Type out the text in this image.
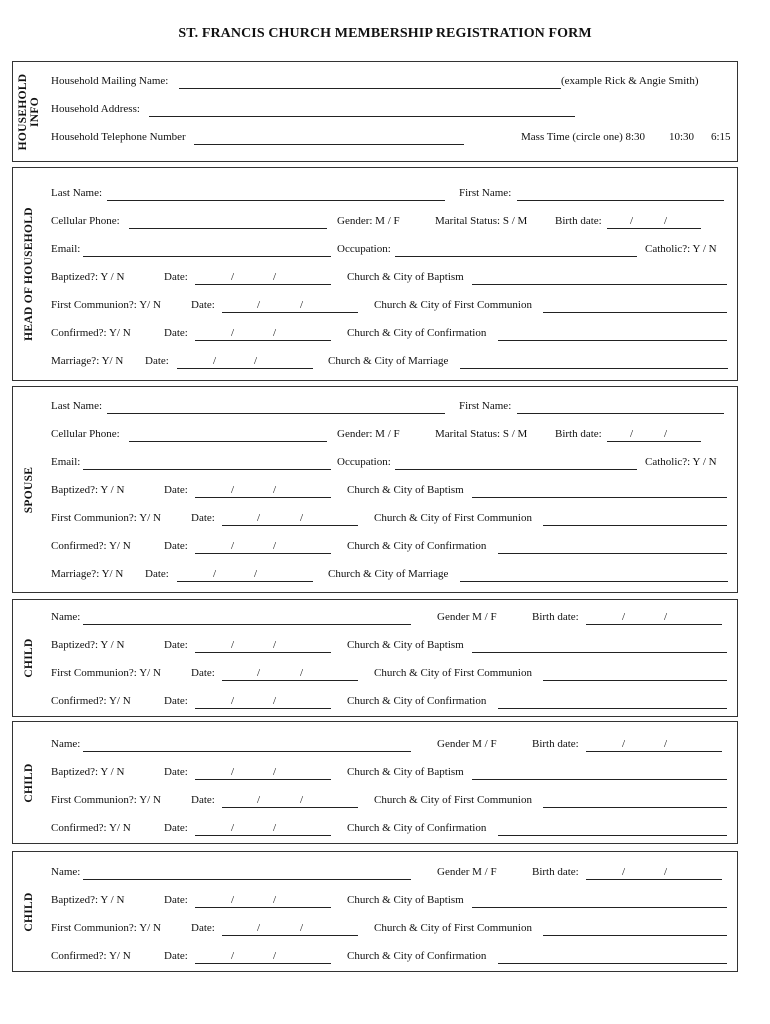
ST. FRANCIS CHURCH MEMBERSHIP REGISTRATION FORM
HOUSEHOLD INFO
Household Mailing Name:	(example Rick & Angie Smith)
Household Address:
Household Telephone Number	Mass Time (circle one) 8:30 10:30 6:15
HEAD OF HOUSEHOLD
Last Name:	First Name:
Cellular Phone:	Gender: M / F	Marital Status: S / M	Birth date:	/	/
Email:	Occupation:	Catholic?: Y / N
Baptized?: Y / N	Date:	/	/	Church & City of Baptism
First Communion?: Y/ N	Date:	/	/	Church & City of First Communion
Confirmed?: Y/ N	Date:	/	/	Church & City of Confirmation
Marriage?: Y/ N Date:	/	/	Church & City of Marriage
SPOUSE
Last Name:	First Name:
Cellular Phone:	Gender: M / F	Marital Status: S / M	Birth date:	/	/
Email:	Occupation:	Catholic?: Y / N
Baptized?: Y / N	Date:	/	/	Church & City of Baptism
First Communion?: Y/ N	Date:	/	/	Church & City of First Communion
Confirmed?: Y/ N	Date:	/	/	Church & City of Confirmation
Marriage?: Y/ N Date:	/	/	Church & City of Marriage
CHILD
Name:	Gender M / F	Birth date:	/	/
Baptized?: Y / N	Date:	/	/	Church & City of Baptism
First Communion?: Y/ N	Date:	/	/	Church & City of First Communion
Confirmed?: Y/ N	Date:	/	/	Church & City of Confirmation
CHILD
Name:	Gender M / F	Birth date:	/	/
Baptized?: Y / N	Date:	/	/	Church & City of Baptism
First Communion?: Y/ N	Date:	/	/	Church & City of First Communion
Confirmed?: Y/ N	Date:	/	/	Church & City of Confirmation
CHILD
Name:	Gender M / F	Birth date:	/	/
Baptized?: Y / N	Date:	/	/	Church & City of Baptism
First Communion?: Y/ N	Date:	/	/	Church & City of First Communion
Confirmed?: Y/ N	Date:	/	/	Church & City of Confirmation
